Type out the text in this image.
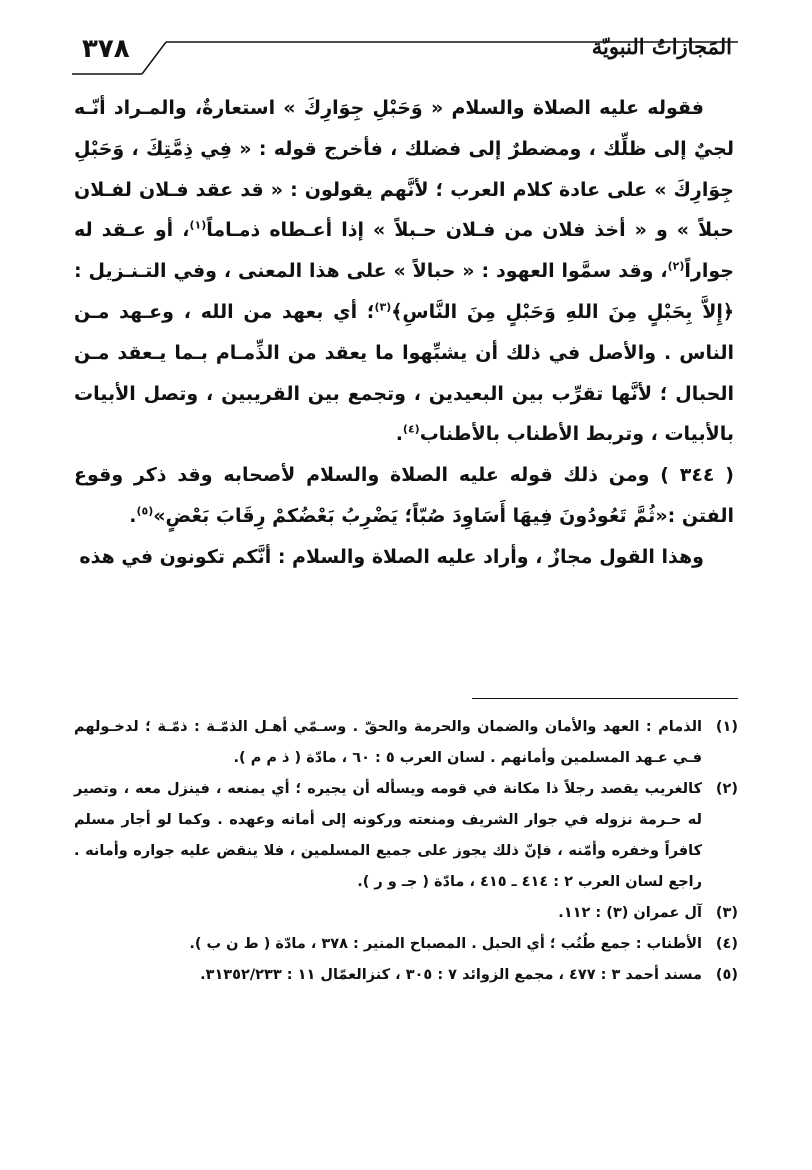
المَجازاتُ النبويّة
٣٧٨

فقوله عليه الصلاة والسلام « وَحَبْلِ جِوَارِكَ » استعارةٌ، والمـراد أنّـه لجيٌ إلى ظلِّك ، ومضطرٌ إلى فضلك ، فأخرج قوله : « فِي ذِمَّتِكَ ، وَحَبْلِ جِوَارِكَ » على عادة كلام العرب ؛ لأنَّهم يقولون : « قد عقد فـلان لفـلان حبلاً » و « أخذ فلان من فـلان حـبلاً » إذا أعـطاه ذمـاماً$^{(١)}$، أو عـقد له جواراً$^{(٢)}$، وقد سمَّوا العهود : « حبالاً » على هذا المعنى ، وفي التـنـزيل : ﴿إِلاَّ بِحَبْلٍ مِنَ اللهِ وَحَبْلٍ مِنَ النَّاسِ﴾$^{(٣)}$؛ أي بعهد من الله ، وعـهد مـن الناس . والأصل في ذلك أن يشبِّهوا ما يعقد من الذِّمـام بـما يـعقد مـن الحبال ؛ لأنَّها تقرِّب بين البعيدين ، وتجمع بين القريبين ، وتصل الأبيات بالأبيات ، وتربط الأطناب بالأطناب$^{(٤)}$.

( ٣٤٤ ) ومن ذلك قوله عليه الصلاة والسلام لأصحابه وقد ذكر وقوع الفتن :«ثُمَّ تَعُودُونَ فِيهَا أَسَاوِدَ صُبّاً؛ يَضْرِبُ بَعْضُكمْ رِقَابَ بَعْضٍ»$^{(٥)}$.

وهذا القول مجازٌ ، وأراد عليه الصلاة والسلام : أنَّكم تكونون في هذه

(١)
الذمام : العهد والأمان والضمان والحرمة والحقّ . وسـمّي أهـل الذمّـة : ذمّـة ؛ لدخـولهم فـي عـهد المسلمين وأمانهم . لسان العرب ٥ : ٦٠ ، مادّة ( ذ م م ).

(٢)
كالغريب يقصد رجلاً ذا مكانة في قومه ويسأله أن يجيره ؛ أي يمنعه ، فينزل معه ، وتصير له حـرمة نزوله في جوار الشريف ومنعته وركونه إلى أمانه وعهده . وكما لو أجار مسلم كافراً وخفره وأمّنه ، فإنّ ذلك يجوز على جميع المسلمين ، فلا ينقض عليه جواره وأمانه . راجع لسان العرب ٢ : ٤١٤ ـ ٤١٥ ، مادّة ( جـ و ر ).

(٣)
آل عمران (٣) : ١١٢.

(٤)
الأطناب : جمع طُنُب ؛ أي الحبل . المصباح المنير : ٣٧٨ ، مادّة ( ط ن ب ).

(٥)
مسند أحمد ٣ : ٤٧٧ ، مجمع الزوائد ٧ : ٣٠٥ ، كنزالعمّال ١١ : ٣١٣٥٢/٢٣٣.
